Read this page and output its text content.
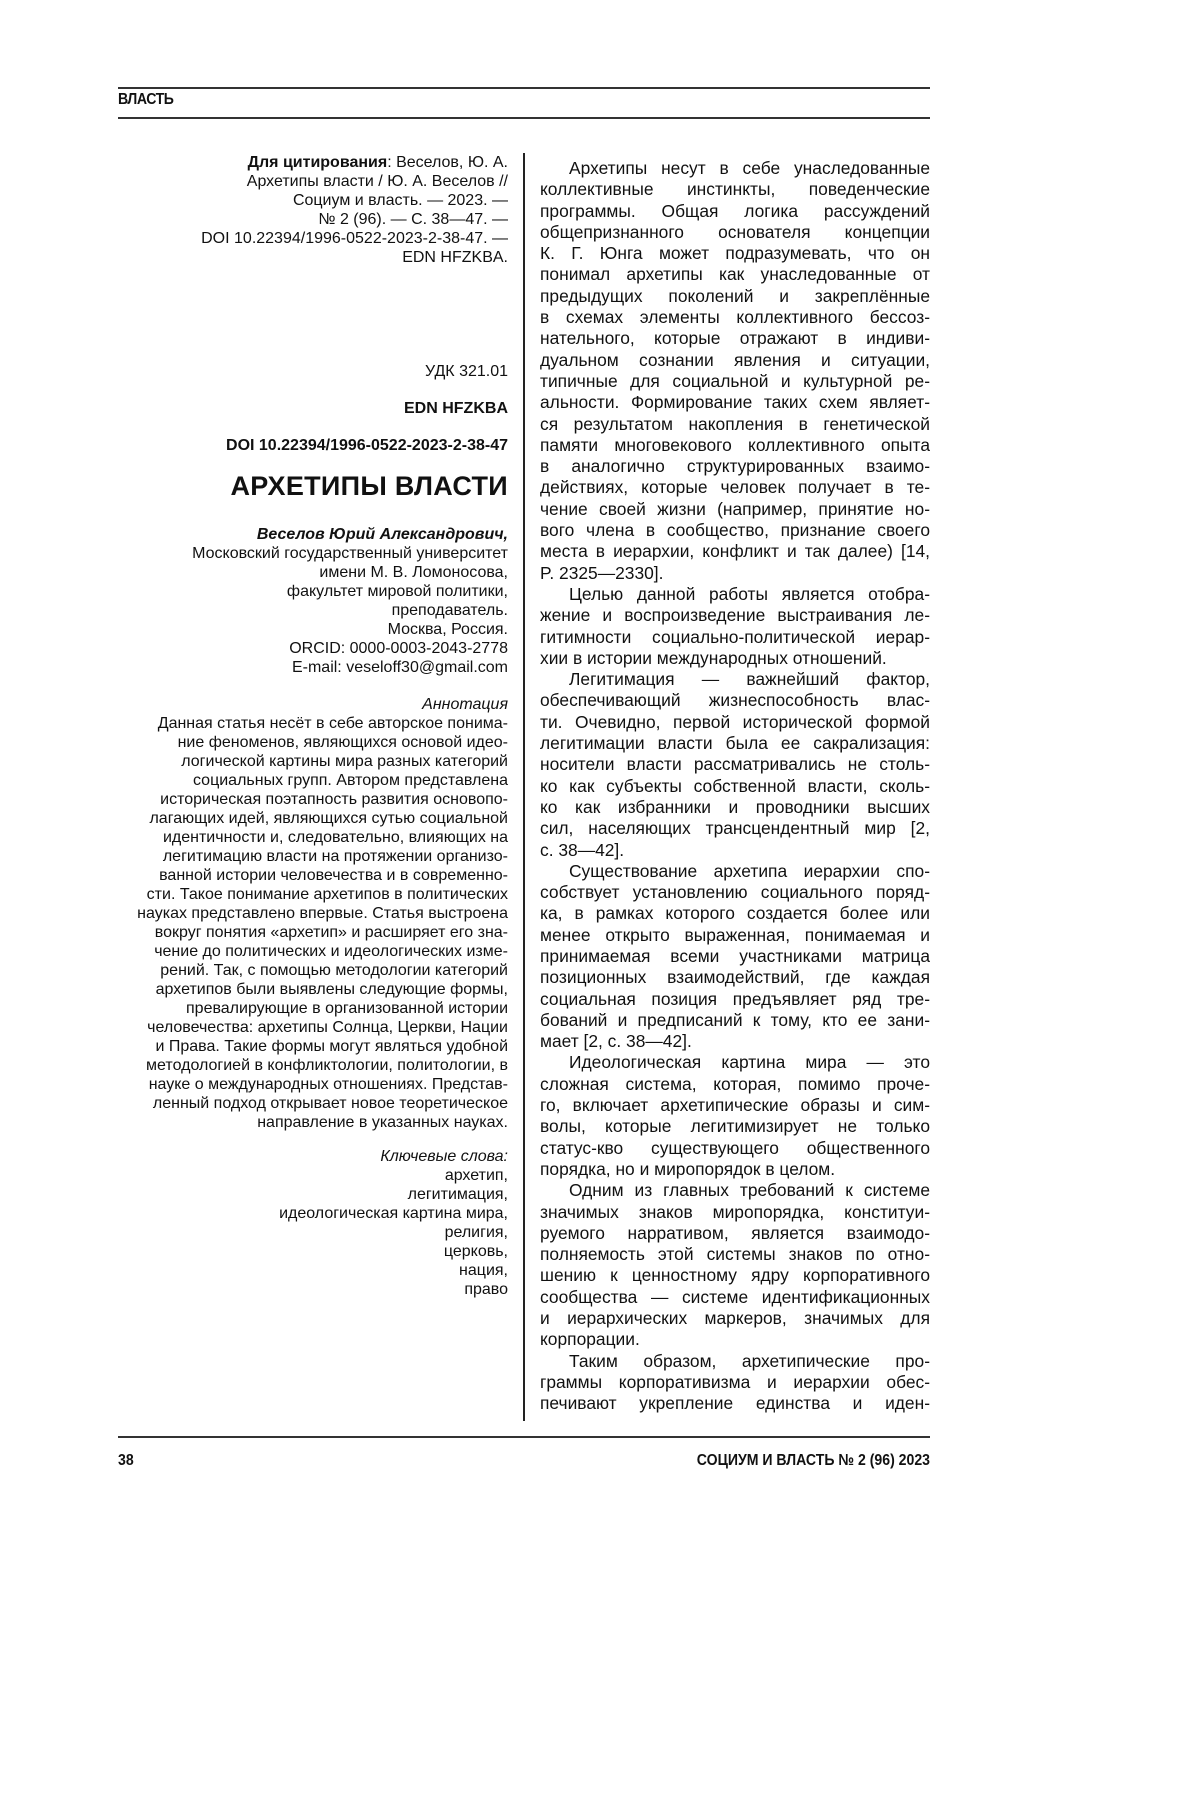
ВЛАСТЬ
Для цитирования: Веселов, Ю. А.
Архетипы власти / Ю. А. Веселов //
Социум и власть. — 2023. —
№ 2 (96). — С. 38—47. —
DOI 10.22394/1996-0522-2023-2-38-47. —
EDN HFZKBA.
УДК 321.01
EDN HFZKBA
DOI 10.22394/1996-0522-2023-2-38-47
АРХЕТИПЫ ВЛАСТИ
Веселов Юрий Александрович,
Московский государственный университет
имени М. В. Ломоносова,
факультет мировой политики,
преподаватель.
Москва, Россия.
ORCID: 0000-0003-2043-2778
E-mail: veseloff30@gmail.com
Аннотация
Данная статья несёт в себе авторское понима-
ние феноменов, являющихся основой идео-
логической картины мира разных категорий
социальных групп. Автором представлена
историческая поэтапность развития основопо-
лагающих идей, являющихся сутью социальной
идентичности и, следовательно, влияющих на
легитимацию власти на протяжении организо-
ванной истории человечества и в современно-
сти. Такое понимание архетипов в политических
науках представлено впервые. Статья выстроена
вокруг понятия «архетип» и расширяет его зна-
чение до политических и идеологических изме-
рений. Так, с помощью методологии категорий
архетипов были выявлены следующие формы,
превалирующие в организованной истории
человечества: архетипы Солнца, Церкви, Нации
и Права. Такие формы могут являться удобной
методологией в конфликтологии, политологии, в
науке о международных отношениях. Представ-
ленный подход открывает новое теоретическое
направление в указанных науках.
Ключевые слова:
архетип,
легитимация,
идеологическая картина мира,
религия,
церковь,
нация,
право
Архетипы несут в себе унаследованные
коллективные инстинкты, поведенческие
программы. Общая логика рассуждений
общепризнанного основателя концепции
К. Г. Юнга может подразумевать, что он
понимал архетипы как унаследованные от
предыдущих поколений и закреплённые
в схемах элементы коллективного бессоз-
нательного, которые отражают в индиви-
дуальном сознании явления и ситуации,
типичные для социальной и культурной ре-
альности. Формирование таких схем являет-
ся результатом накопления в генетической
памяти многовекового коллективного опыта
в аналогично структурированных взаимо-
действиях, которые человек получает в те-
чение своей жизни (например, принятие но-
вого члена в сообщество, признание своего
места в иерархии, конфликт и так далее) [14,
P. 2325—2330].
Целью данной работы является отобра-
жение и воспроизведение выстраивания ле-
гитимности социально-политической иерар-
хии в истории международных отношений.
Легитимация — важнейший фактор,
обеспечивающий жизнеспособность влас-
ти. Очевидно, первой исторической формой
легитимации власти была ее сакрализация:
носители власти рассматривались не столь-
ко как субъекты собственной власти, сколь-
ко как избранники и проводники высших
сил, населяющих трансцендентный мир [2,
с. 38—42].
Существование архетипа иерархии спо-
собствует установлению социального поряд-
ка, в рамках которого создается более или
менее открыто выраженная, понимаемая и
принимаемая всеми участниками матрица
позиционных взаимодействий, где каждая
социальная позиция предъявляет ряд тре-
бований и предписаний к тому, кто ее зани-
мает [2, с. 38—42].
Идеологическая картина мира — это
сложная система, которая, помимо проче-
го, включает архетипические образы и сим-
волы, которые легитимизирует не только
статус-кво существующего общественного
порядка, но и миропорядок в целом.
Одним из главных требований к системе
значимых знаков миропорядка, конституи-
руемого нарративом, является взаимодо-
полняемость этой системы знаков по отно-
шению к ценностному ядру корпоративного
сообщества — системе идентификационных
и иерархических маркеров, значимых для
корпорации.
Таким образом, архетипические про-
граммы корпоративизма и иерархии обес-
печивают укрепление единства и иден-
38	СОЦИУМ И ВЛАСТЬ № 2 (96) 2023
